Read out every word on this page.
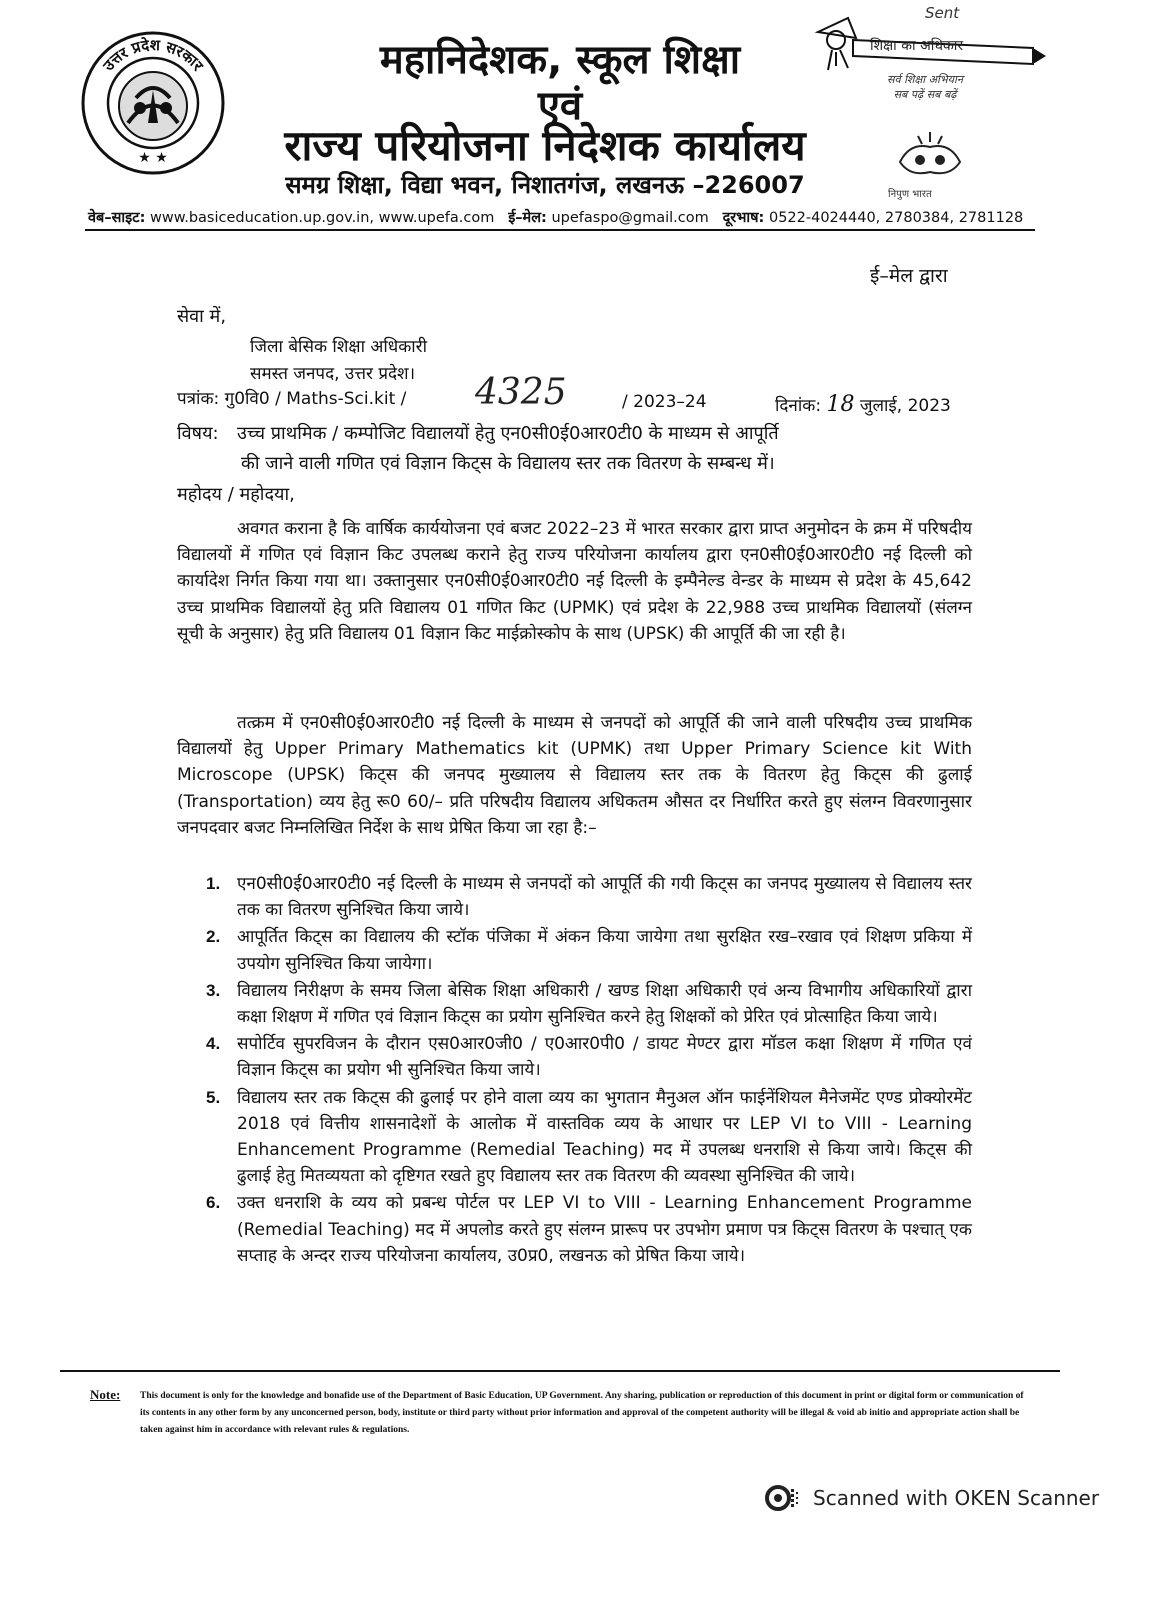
उत्तर प्रदेश सरकार
★ ★
महानिदेशक, स्कूल शिक्षा
एवं
राज्य परियोजना निदेशक कार्यालय
समग्र शिक्षा, विद्या भवन, निशातगंज, लखनऊ –226007
Sent
शिक्षा का अधिकार
सर्व शिक्षा अभियान
सब पढ़ें सब बढ़ें
निपुण भारत
वेब–साइट: www.basiceducation.up.gov.in, www.upefa.com ई–मेल: upefaspo@gmail.com दूरभाष: 0522-4024440, 2780384, 2781128
ई–मेल द्वारा
सेवा में,
जिला बेसिक शिक्षा अधिकारी
समस्त जनपद, उत्तर प्रदेश।
पत्रांक: गु0वि0 / Maths-Sci.kit / 4325	/ 2023–24	दिनांक: 18 जुलाई, 2023
विषय: उच्च प्राथमिक / कम्पोजिट विद्यालयों हेतु एन0सी0ई0आर0टी0 के माध्यम से आपूर्ति
की जाने वाली गणित एवं विज्ञान किट्स के विद्यालय स्तर तक वितरण के सम्बन्ध में।
महोदय / महोदया,
अवगत कराना है कि वार्षिक कार्ययोजना एवं बजट 2022–23 में भारत सरकार द्वारा प्राप्त अनुमोदन के क्रम में परिषदीय विद्यालयों में गणित एवं विज्ञान किट उपलब्ध कराने हेतु राज्य परियोजना कार्यालय द्वारा एन0सी0ई0आर0टी0 नई दिल्ली को कार्यादेश निर्गत किया गया था। उक्तानुसार एन0सी0ई0आर0टी0 नई दिल्ली के इम्पैनेल्ड वेन्डर के माध्यम से प्रदेश के 45,642 उच्च प्राथमिक विद्यालयों हेतु प्रति विद्यालय 01 गणित किट (UPMK) एवं प्रदेश के 22,988 उच्च प्राथमिक विद्यालयों (संलग्न सूची के अनुसार) हेतु प्रति विद्यालय 01 विज्ञान किट माईक्रोस्कोप के साथ (UPSK) की आपूर्ति की जा रही है।
तत्क्रम में एन0सी0ई0आर0टी0 नई दिल्ली के माध्यम से जनपदों को आपूर्ति की जाने वाली परिषदीय उच्च प्राथमिक विद्यालयों हेतु Upper Primary Mathematics kit (UPMK) तथा Upper Primary Science kit With Microscope (UPSK) किट्स की जनपद मुख्यालय से विद्यालय स्तर तक के वितरण हेतु किट्स की ढुलाई (Transportation) व्यय हेतु रू0 60/– प्रति परिषदीय विद्यालय अधिकतम औसत दर निर्धारित करते हुए संलग्न विवरणानुसार जनपदवार बजट निम्नलिखित निर्देश के साथ प्रेषित किया जा रहा है:–
1. एन0सी0ई0आर0टी0 नई दिल्ली के माध्यम से जनपदों को आपूर्ति की गयी किट्स का जनपद मुख्यालय से विद्यालय स्तर तक का वितरण सुनिश्चित किया जाये।
2. आपूर्तित किट्स का विद्यालय की स्टॉक पंजिका में अंकन किया जायेगा तथा सुरक्षित रख–रखाव एवं शिक्षण प्रकिया में उपयोग सुनिश्चित किया जायेगा।
3. विद्यालय निरीक्षण के समय जिला बेसिक शिक्षा अधिकारी / खण्ड शिक्षा अधिकारी एवं अन्य विभागीय अधिकारियों द्वारा कक्षा शिक्षण में गणित एवं विज्ञान किट्स का प्रयोग सुनिश्चित करने हेतु शिक्षकों को प्रेरित एवं प्रोत्साहित किया जाये।
4. सपोर्टिव सुपरविजन के दौरान एस0आर0जी0 / ए0आर0पी0 / डायट मेण्टर द्वारा मॉडल कक्षा शिक्षण में गणित एवं विज्ञान किट्स का प्रयोग भी सुनिश्चित किया जाये।
5. विद्यालय स्तर तक किट्स की ढुलाई पर होने वाला व्यय का भुगतान मैनुअल ऑन फाईनेंशियल मैनेजमेंट एण्ड प्रोक्योरमेंट 2018 एवं वित्तीय शासनादेशों के आलोक में वास्तविक व्यय के आधार पर LEP VI to VIII - Learning Enhancement Programme (Remedial Teaching) मद में उपलब्ध धनराशि से किया जाये। किट्स की ढुलाई हेतु मितव्ययता को दृष्टिगत रखते हुए विद्यालय स्तर तक वितरण की व्यवस्था सुनिश्चित की जाये।
6. उक्त धनराशि के व्यय को प्रबन्ध पोर्टल पर LEP VI to VIII - Learning Enhancement Programme (Remedial Teaching) मद में अपलोड करते हुए संलग्न प्रारूप पर उपभोग प्रमाण पत्र किट्स वितरण के पश्चात् एक सप्ताह के अन्दर राज्य परियोजना कार्यालय, उ0प्र0, लखनऊ को प्रेषित किया जाये।
Note: This document is only for the knowledge and bonafide use of the Department of Basic Education, UP Government. Any sharing, publication or reproduction of this document in print or digital form or communication of its contents in any other form by any unconcerned person, body, institute or third party without prior information and approval of the competent authority will be illegal & void ab initio and appropriate action shall be taken against him in accordance with relevant rules & regulations.
Scanned with OKEN Scanner
